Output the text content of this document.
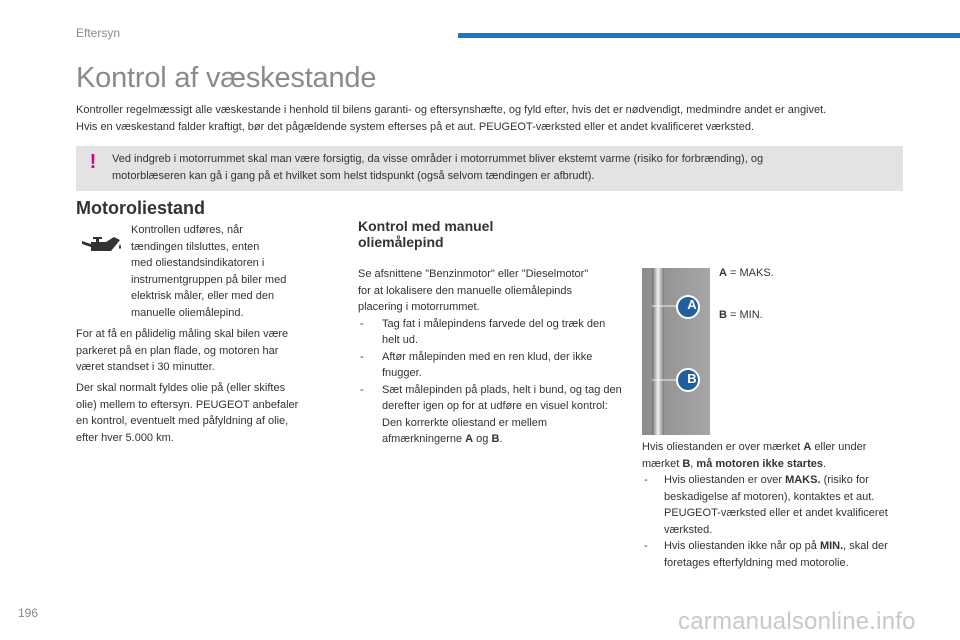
Eftersyn
Kontrol af væskestande

Kontroller regelmæssigt alle væskestande i henhold til bilens garanti- og eftersynshæfte, og fyld efter, hvis det er nødvendigt, medmindre andet er angivet.

Hvis en væskestand falder kraftigt, bør det pågældende system efterses på et aut. PEUGEOT-værksted eller et andet kvalificeret værksted.

!	Ved indgreb i motorrummet skal man være forsigtig, da visse områder i motorrummet bliver ekstemt varme (risiko for forbrænding), og

motorblæseren kan gå i gang på et hvilket som helst tidspunkt (også selvom tændingen er afbrudt).

Motoroliestand

Kontrollen udføres, når

tændingen tilsluttes, enten

med oliestandsindikatoren i

instrumentgruppen på biler med

elektrisk måler, eller med den

manuelle oliemålepind.

For at få en pålidelig måling skal bilen være

parkeret på en plan flade, og motoren har

været standset i 30 minutter.

Der skal normalt fyldes olie på (eller skiftes

olie) mellem to eftersyn. PEUGEOT anbefaler

en kontrol, eventuelt med påfyldning af olie,

efter hver 5.000 km.

Kontrol med manuel
oliemålepind

Se afsnittene "Benzinmotor" eller "Dieselmotor"

for at lokalisere den manuelle oliemålepinds

placering i motorrummet.

- Tag fat i målepindens farvede del og træk den helt ud.
- Aftør målepinden med en ren klud, der ikke fnugger.
- Sæt målepinden på plads, helt i bund, og tag den derefter igen op for at udføre en visuel kontrol: Den korrerkte oliestand er mellem afmærkningerne A og B.
A
B
A = MAKS.
B = MIN.

Hvis oliestanden er over mærket A eller under

mærket B, må motoren ikke startes.

- Hvis oliestanden er over MAKS. (risiko for beskadigelse af motoren), kontaktes et aut. PEUGEOT-værksted eller et andet kvalificeret værksted.
- Hvis oliestanden ikke når op på MIN., skal der foretages efterfyldning med motorolie.
196	carmanualsonline.info
